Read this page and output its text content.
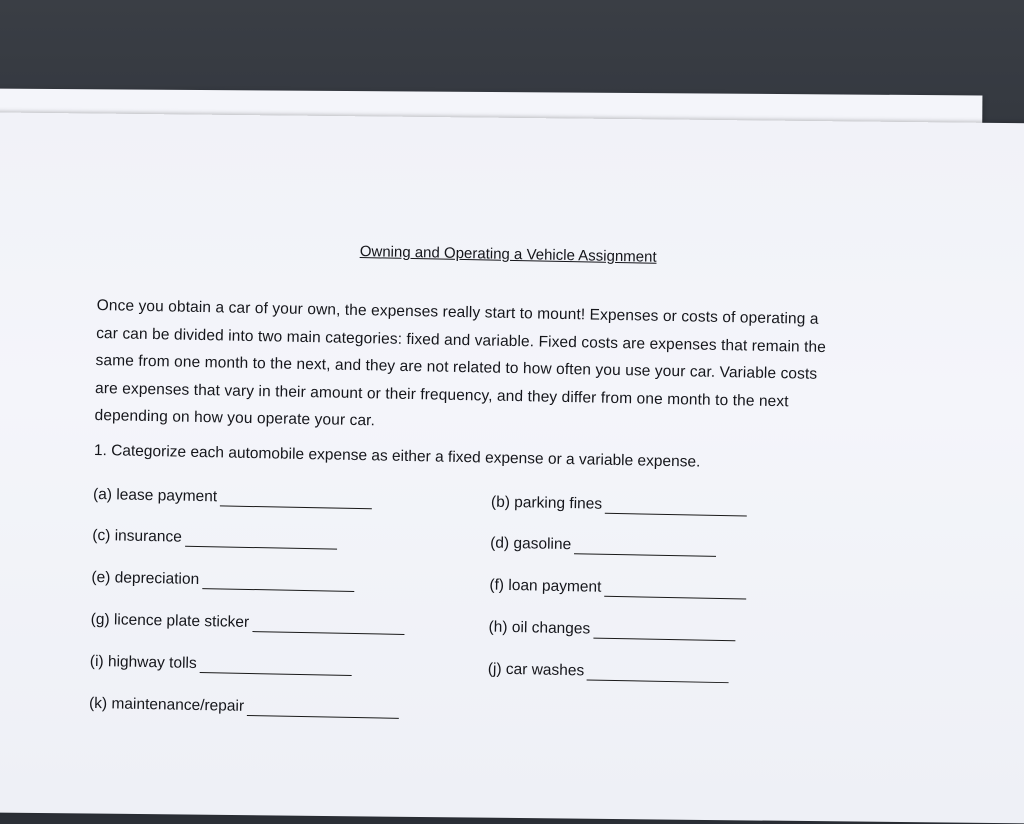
Owning and Operating a Vehicle Assignment
Once you obtain a car of your own, the expenses really start to mount! Expenses or costs of operating a
car can be divided into two main categories: fixed and variable. Fixed costs are expenses that remain the
same from one month to the next, and they are not related to how often you use your car. Variable costs
are expenses that vary in their amount or their frequency, and they differ from one month to the next
depending on how you operate your car.
1. Categorize each automobile expense as either a fixed expense or a variable expense.
(a) lease payment
(c) insurance
(e) depreciation
(g) licence plate sticker
(i) highway tolls
(k) maintenance/repair
(b) parking fines
(d) gasoline
(f) loan payment
(h) oil changes
(j) car washes
